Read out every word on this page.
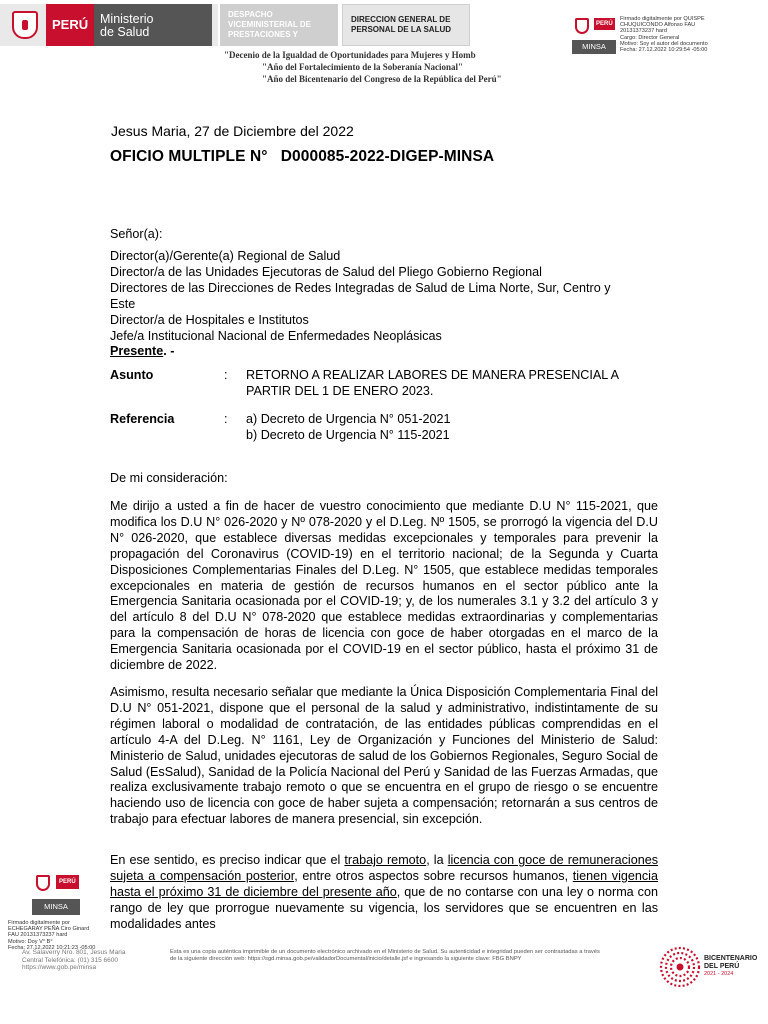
PERÚ Ministerio
de Salud
DESPACHO
VICEMINISTERIAL DE
PRESTACIONES Y
DIRECCION GENERAL DE
PERSONAL DE LA SALUD
"Decenio de la Igualdad de Oportunidades para Mujeres y Homb
"Año del Fortalecimiento de la Soberanía Nacional"
"Año del Bicentenario del Congreso de la República del Perú"
PERÚ
MINSA
Firmado digitalmente por QUISPE
CHUQUICONDO Alfonso FAU
20131373237 hard
Cargo: Director General
Motivo: Soy el autor del documento
Fecha: 27.12.2022 10:29:54 -05:00
Jesus Maria, 27 de Diciembre del 2022
OFICIO MULTIPLE N°   D000085-2022-DIGEP-MINSA
Señor(a):
Director(a)/Gerente(a) Regional de Salud
Director/a de las Unidades Ejecutoras de Salud del Pliego Gobierno Regional
Directores de las Direcciones de Redes Integradas de Salud de Lima Norte, Sur, Centro y
Este
Director/a de Hospitales e Institutos
Jefe/a Institucional Nacional de Enfermedades Neoplásicas
Presente. -
Asunto	: RETORNO A REALIZAR LABORES DE MANERA PRESENCIAL A
PARTIR DEL 1 DE ENERO 2023.
Referencia	: a) Decreto de Urgencia N° 051-2021
b) Decreto de Urgencia N° 115-2021
De mi consideración:
Me dirijo a usted a fin de hacer de vuestro conocimiento que mediante D.U N° 115-2021, que modifica los D.U N° 026-2020 y Nº 078-2020 y el D.Leg. Nº 1505, se prorrogó la vigencia del D.U N° 026-2020, que establece diversas medidas excepcionales y temporales para prevenir la propagación del Coronavirus (COVID-19) en el territorio nacional; de la Segunda y Cuarta Disposiciones Complementarias Finales del D.Leg. N° 1505, que establece medidas temporales excepcionales en materia de gestión de recursos humanos en el sector público ante la Emergencia Sanitaria ocasionada por el COVID-19; y, de los numerales 3.1 y 3.2 del artículo 3 y del artículo 8 del D.U N° 078-2020 que establece medidas extraordinarias y complementarias para la compensación de horas de licencia con goce de haber otorgadas en el marco de la Emergencia Sanitaria ocasionada por el COVID-19 en el sector público, hasta el próximo 31 de diciembre de 2022.
Asimismo, resulta necesario señalar que mediante la Única Disposición Complementaria Final del D.U N° 051-2021, dispone que el personal de la salud y administrativo, indistintamente de su régimen laboral o modalidad de contratación, de las entidades públicas comprendidas en el artículo 4-A del D.Leg. N° 1161, Ley de Organización y Funciones del Ministerio de Salud: Ministerio de Salud, unidades ejecutoras de salud de los Gobiernos Regionales, Seguro Social de Salud (EsSalud), Sanidad de la Policía Nacional del Perú y Sanidad de las Fuerzas Armadas, que realiza exclusivamente trabajo remoto o que se encuentra en el grupo de riesgo o se encuentre haciendo uso de licencia con goce de haber sujeta a compensación; retornarán a sus centros de trabajo para efectuar labores de manera presencial, sin excepción.
En ese sentido, es preciso indicar que el trabajo remoto, la licencia con goce de remuneraciones sujeta a compensación posterior, entre otros aspectos sobre recursos humanos, tienen vigencia hasta el próximo 31 de diciembre del presente año, que de no contarse con una ley o norma con rango de ley que prorrogue nuevamente su vigencia, los servidores que se encuentren en las modalidades antes
PERÚ
MINSA
Firmado digitalmente por
ECHEGARAY PEÑA Ciro Ginard
FAU 20131373237 hard
Motivo: Doy V° B°
Fecha: 27.12.2022 10:21:23 -05:00
Av. Salaverry Nro. 801, Jesus Maria
Central Telefónica: (01) 315 6600
https://www.gob.pe/minsa
Esta es una copia auténtica imprimible de un documento electrónico archivado en el Ministerio de Salud. Su autenticidad e integridad pueden ser contrastadas a través
de la siguiente dirección web: https://sgd.minsa.gob.pe/validadorDocumental/inicio/detalle.jsf e ingresando la siguiente clave: FBG BNPY	BICENTENARIO
DEL PERÚ
2021 - 2024
